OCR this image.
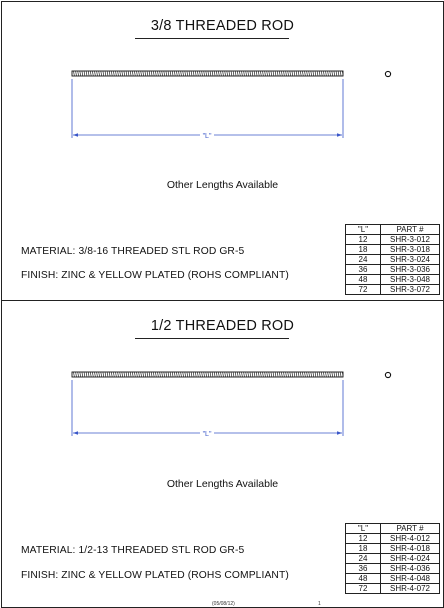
3/8 THREADED ROD
"L"
Other Lengths Available
MATERIAL: 3/8-16 THREADED STL ROD GR-5
FINISH: ZINC & YELLOW PLATED (ROHS COMPLIANT)
"L"	PART #
12	SHR-3-012
18	SHR-3-018
24	SHR-3-024
36	SHR-3-036
48	SHR-3-048
72	SHR-3-072
1/2 THREADED ROD
"L"
Other Lengths Available
MATERIAL: 1/2-13 THREADED STL ROD GR-5
FINISH: ZINC & YELLOW PLATED (ROHS COMPLIANT)
"L"	PART #
12	SHR-4-012
18	SHR-4-018
24	SHR-4-024
36	SHR-4-036
48	SHR-4-048
72	SHR-4-072
(05/08/12)	1
